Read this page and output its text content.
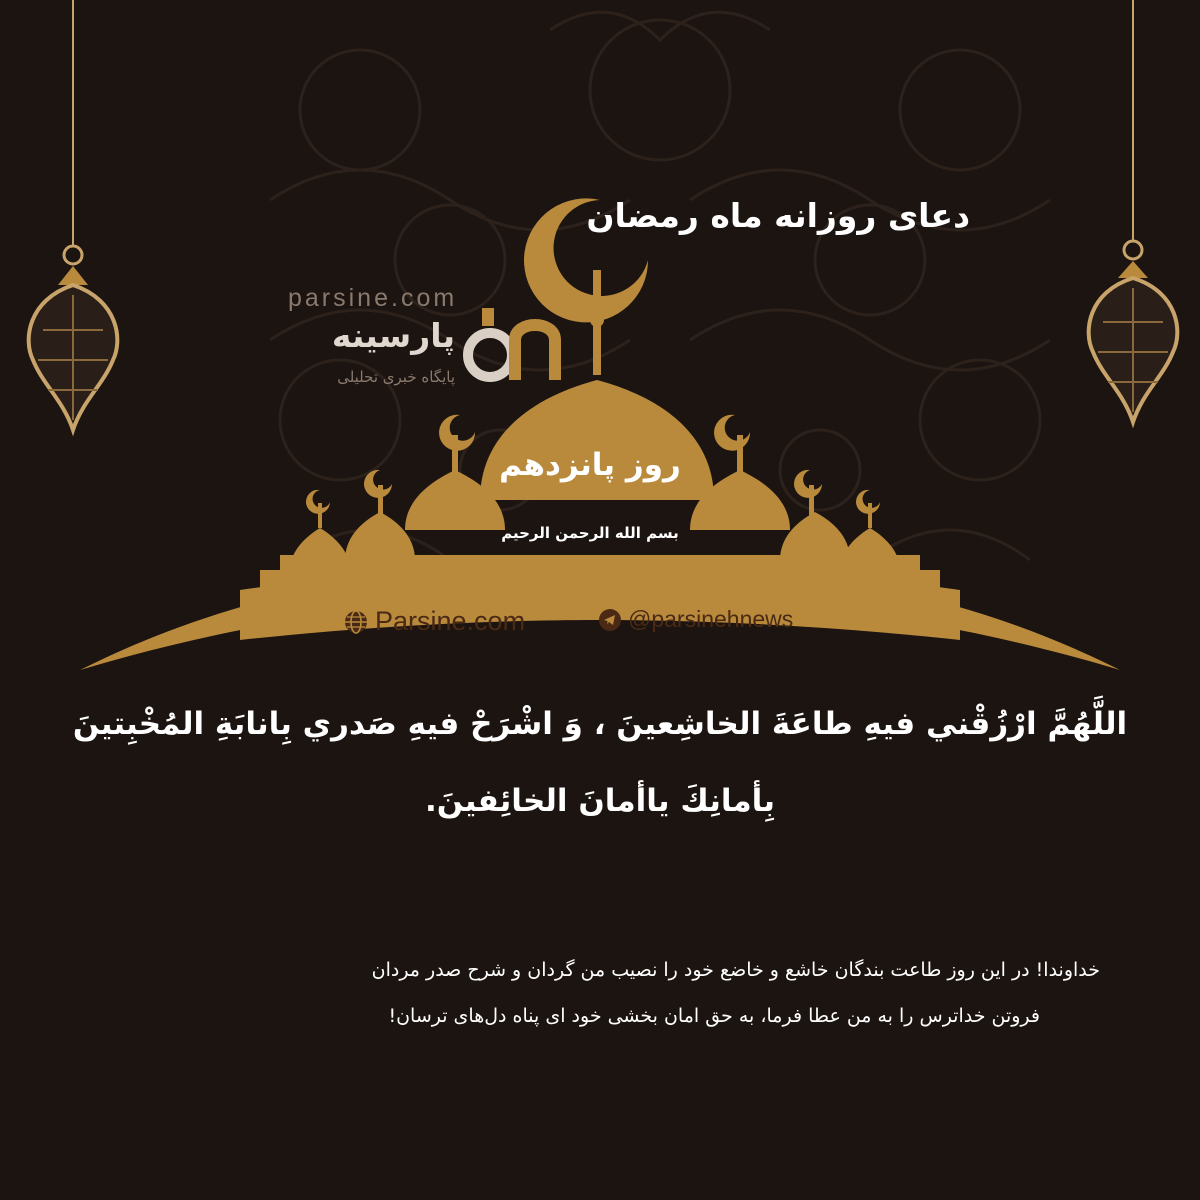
parsine.com
پارسینه
پایگاه خبری تحلیلی
دعای روزانه ماه رمضان
روز پانزدهم
بسم الله الرحمن الرحیم
Parsine.com	@parsinehnews
اللَّهُمَّ ارْزُقْني فيهِ طاعَةَ الخاشِعينَ ، وَ اشْرَحْ فيهِ صَدري بِانابَةِ المُخْبِتينَ
بِأمانِكَ ياأمانَ الخائِفينَ.
خداوندا! در این روز طاعت بندگان خاشع و خاضع خود را نصیب من گردان و شرح صدر مردان
فروتن خداترس را به من عطا فرما، به حق امان بخشی خود ای پناه دل‌های ترسان!
